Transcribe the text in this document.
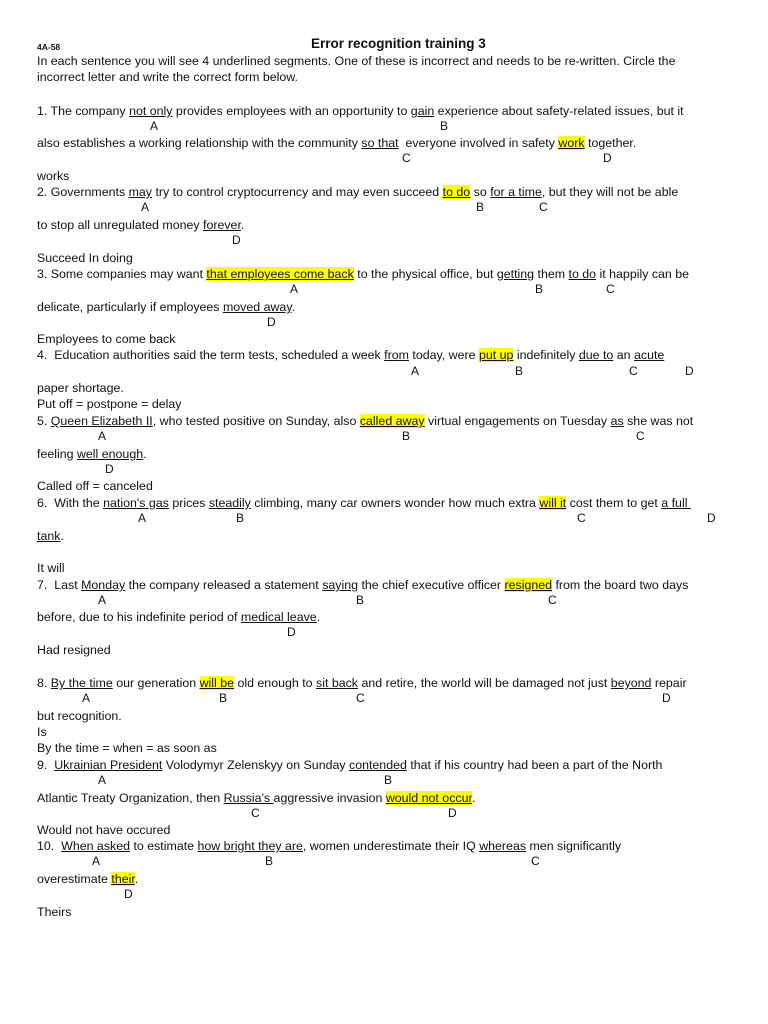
4A-58	Error recognition training 3
In each sentence you will see 4 underlined segments. One of these is incorrect and needs to be re-written. Circle the
incorrect letter and write the correct form below.
1. The company not only provides employees with an opportunity to gain experience about safety-related issues, but it
also establishes a working relationship with the community so that  everyone involved in safety work together.
works
2. Governments may try to control cryptocurrency and may even succeed to do so for a time, but they will not be able
to stop all unregulated money forever.
Succeed In doing
3. Some companies may want that employees come back to the physical office, but getting them to do it happily can be
delicate, particularly if employees moved away.
Employees to come back
4.  Education authorities said the term tests, scheduled a week from today, were put up indefinitely due to an acute
paper shortage.
Put off = postpone = delay
5. Queen Elizabeth II, who tested positive on Sunday, also called away virtual engagements on Tuesday as she was not
feeling well enough.
Called off = canceled
6.  With the nation's gas prices steadily climbing, many car owners wonder how much extra will it cost them to get a full
tank.
It will
7.  Last Monday the company released a statement saying the chief executive officer resigned from the board two days
before, due to his indefinite period of medical leave.
Had resigned
8. By the time our generation will be old enough to sit back and retire, the world will be damaged not just beyond repair
but recognition.
Is
By the time = when = as soon as
9.  Ukrainian President Volodymyr Zelenskyy on Sunday contended that if his country had been a part of the North
Atlantic Treaty Organization, then Russia's aggressive invasion would not occur.
Would not have occured
10.  When asked to estimate how bright they are, women underestimate their IQ whereas men significantly
overestimate their.
Theirs
A	B
C	D
A	B	C
D
A	B	C
D
A	B	C	D
A	B	C
D
A	B	C	D
A	B	C
D
A	B	C	D
A	B
C	D
A	B	C
D
